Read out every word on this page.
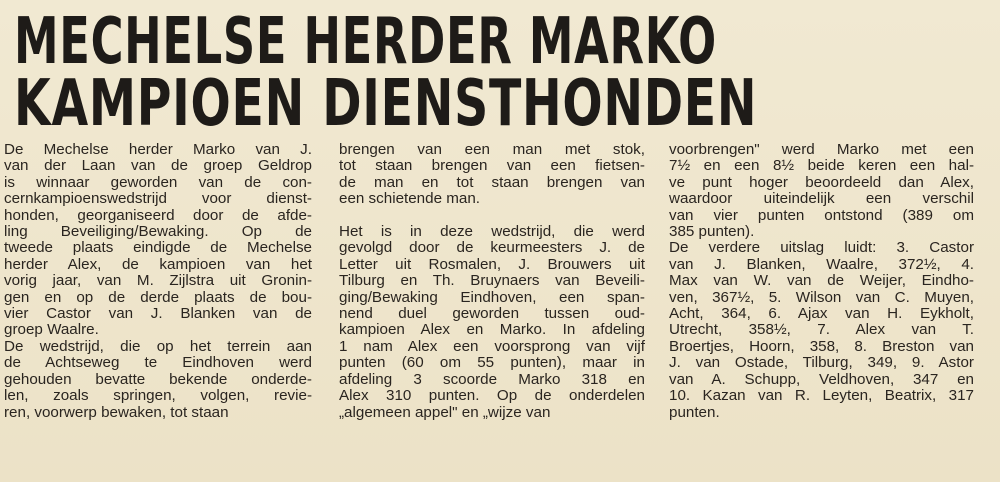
MECHELSE HERDER MARKO
KAMPIOEN DIENSTHONDEN
De Mechelse herder Marko van J.
van der Laan van de groep Geldrop
is winnaar geworden van de con-
cernkampioenswedstrijd voor dienst-
honden, georganiseerd door de afde-
ling Beveiliging/Bewaking. Op de
tweede plaats eindigde de Mechelse
herder Alex, de kampioen van het
vorig jaar, van M. Zijlstra uit Gronin-
gen en op de derde plaats de bou-
vier Castor van J. Blanken van de
groep Waalre.
De wedstrijd, die op het terrein aan
de Achtseweg te Eindhoven werd
gehouden bevatte bekende onderde-
len, zoals springen, volgen, revie-
ren, voorwerp bewaken, tot staan
brengen van een man met stok,
tot staan brengen van een fietsen-
de man en tot staan brengen van
een schietende man.

Het is in deze wedstrijd, die werd
gevolgd door de keurmeesters J. de
Letter uit Rosmalen, J. Brouwers uit
Tilburg en Th. Bruynaers van Beveili-
ging/Bewaking Eindhoven, een span-
nend duel geworden tussen oud-
kampioen Alex en Marko. In afdeling
1 nam Alex een voorsprong van vijf
punten (60 om 55 punten), maar in
afdeling 3 scoorde Marko 318 en
Alex 310 punten. Op de onderdelen
„algemeen appel" en „wijze van
voorbrengen" werd Marko met een
7½ en een 8½ beide keren een hal-
ve punt hoger beoordeeld dan Alex,
waardoor uiteindelijk een verschil
van vier punten ontstond (389 om
385 punten).
De verdere uitslag luidt: 3. Castor
van J. Blanken, Waalre, 372½, 4.
Max van W. van de Weijer, Eindho-
ven, 367½, 5. Wilson van C. Muyen,
Acht, 364, 6. Ajax van H. Eykholt,
Utrecht, 358½, 7. Alex van T.
Broertjes, Hoorn, 358, 8. Breston van
J. van Ostade, Tilburg, 349, 9. Astor
van A. Schupp, Veldhoven, 347 en
10. Kazan van R. Leyten, Beatrix, 317
punten.
